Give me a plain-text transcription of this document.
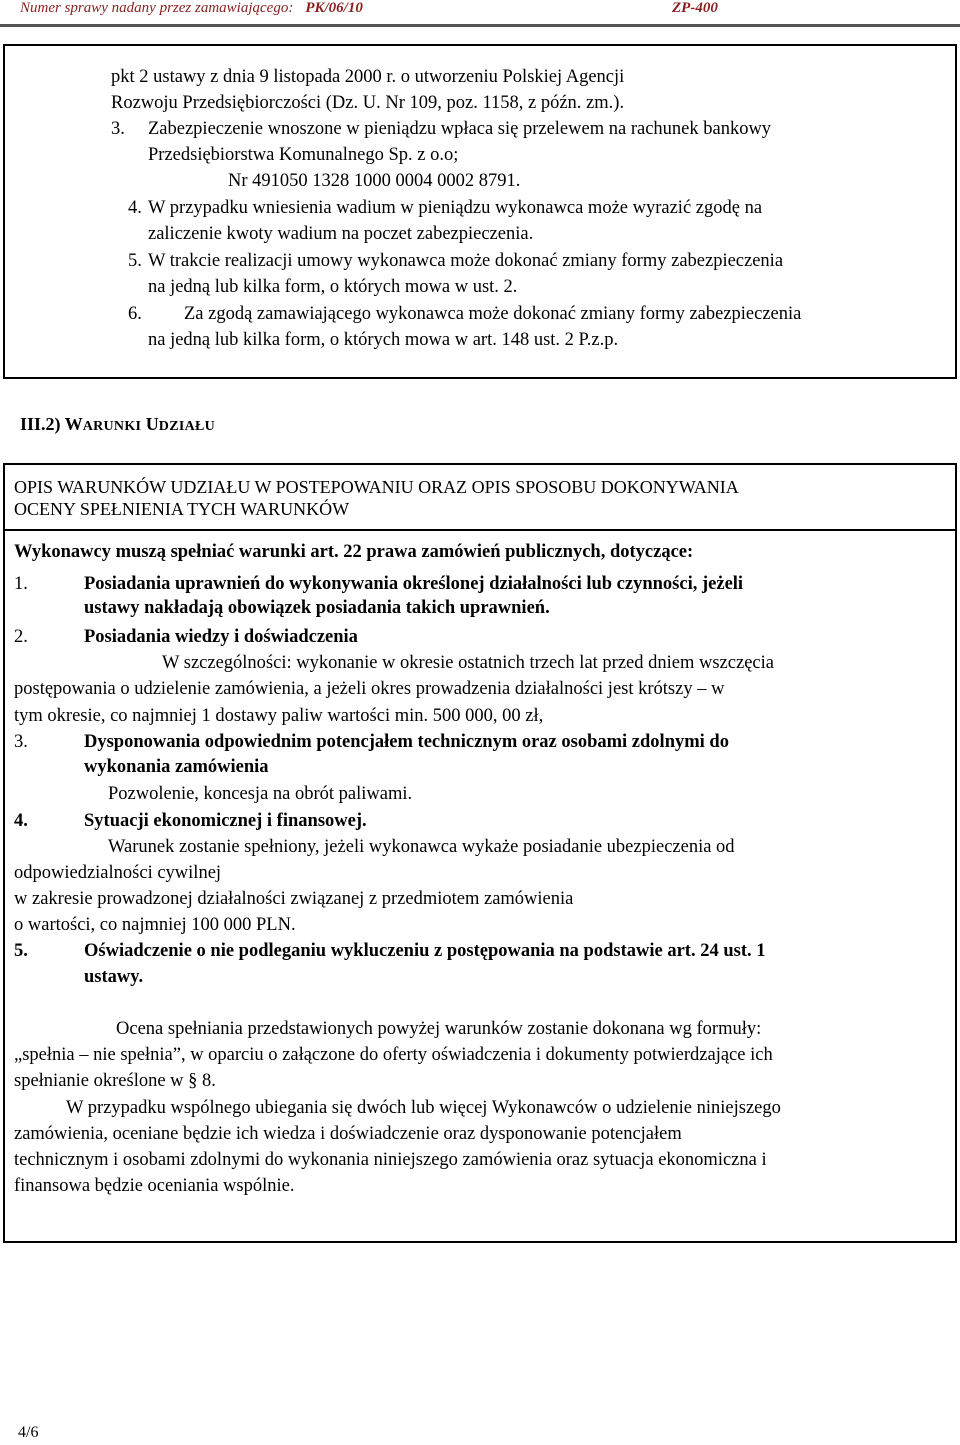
Numer sprawy nadany przez zamawiającego: PK/06/10	ZP-400
pkt 2 ustawy z dnia 9 listopada 2000 r. o utworzeniu Polskiej Agencji
Rozwoju Przedsiębiorczości (Dz. U. Nr 109, poz. 1158, z późn. zm.).
3. Zabezpieczenie wnoszone w pieniądzu wpłaca się przelewem na rachunek bankowy
Przedsiębiorstwa Komunalnego Sp. z o.o;
Nr 491050 1328 1000 0004 0002 8791.
4. W przypadku wniesienia wadium w pieniądzu wykonawca może wyrazić zgodę na
zaliczenie kwoty wadium na poczet zabezpieczenia.
5. W trakcie realizacji umowy wykonawca może dokonać zmiany formy zabezpieczenia
na jedną lub kilka form, o których mowa w ust. 2.
6. Za zgodą zamawiającego wykonawca może dokonać zmiany formy zabezpieczenia
na jedną lub kilka form, o których mowa w art. 148 ust. 2 P.z.p.
III.2) WARUNKI UDZIAŁU
OPIS WARUNKÓW UDZIAŁU W POSTEPOWANIU ORAZ OPIS SPOSOBU DOKONYWANIA
OCENY SPEŁNIENIA TYCH WARUNKÓW
Wykonawcy muszą spełniać warunki art. 22 prawa zamówień publicznych, dotyczące:
1.	Posiadania uprawnień do wykonywania określonej działalności lub czynności, jeżeli
ustawy nakładają obowiązek posiadania takich uprawnień.
2.	Posiadania wiedzy i doświadczenia
W szczególności: wykonanie w okresie ostatnich trzech lat przed dniem wszczęcia
postępowania o udzielenie zamówienia, a jeżeli okres prowadzenia działalności jest krótszy – w
tym okresie, co najmniej 1 dostawy paliw wartości min. 500 000, 00 zł,
3.	Dysponowania odpowiednim potencjałem technicznym oraz osobami zdolnymi do
wykonania zamówienia
Pozwolenie, koncesja na obrót paliwami.
4.	Sytuacji ekonomicznej i finansowej.
Warunek zostanie spełniony, jeżeli wykonawca wykaże posiadanie ubezpieczenia od
odpowiedzialności cywilnej
w zakresie prowadzonej działalności związanej z przedmiotem zamówienia
o wartości, co najmniej 100 000 PLN.
5.	Oświadczenie o nie podleganiu wykluczeniu z postępowania na podstawie art. 24 ust. 1
ustawy.
Ocena spełniania przedstawionych powyżej warunków zostanie dokonana wg formuły:
„spełnia – nie spełnia”, w oparciu o załączone do oferty oświadczenia i dokumenty potwierdzające ich
spełnianie określone w § 8.
W przypadku wspólnego ubiegania się dwóch lub więcej Wykonawców o udzielenie niniejszego
zamówienia, oceniane będzie ich wiedza i doświadczenie oraz dysponowanie potencjałem
technicznym i osobami zdolnymi do wykonania niniejszego zamówienia oraz sytuacja ekonomiczna i
finansowa będzie oceniania wspólnie.
4/6
